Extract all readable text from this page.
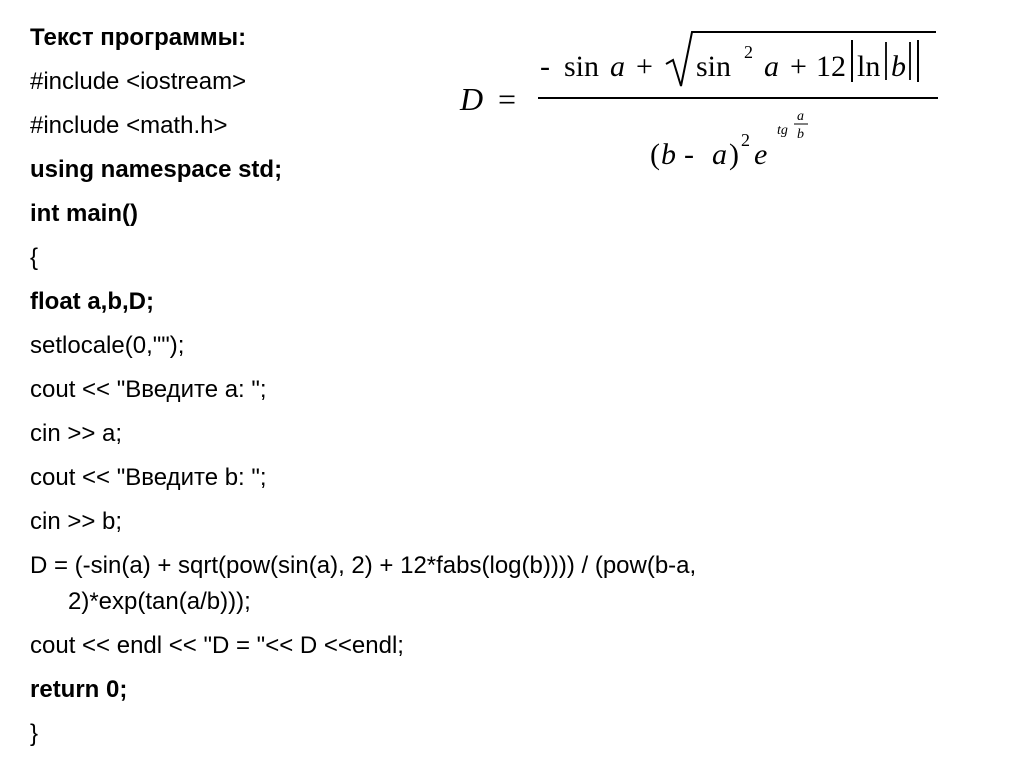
Текст программы:
#include <iostream>
#include <math.h>
using namespace std;
int main()
{
float a,b,D;
setlocale(0,"");
cout << "Введите a: ";
cin >> a;
cout << "Введите b: ";
cin >> b;
D = (-sin(a) + sqrt(pow(sin(a), 2) + 12*fabs(log(b)))) / (pow(b-a, 2)*exp(tan(a/b)));
cout << endl << "D = "<< D <<endl;
return 0;
}
D =
- sin a + sin 2 a + 12 ln b
( b - a ) 2 e
tg
a
b
